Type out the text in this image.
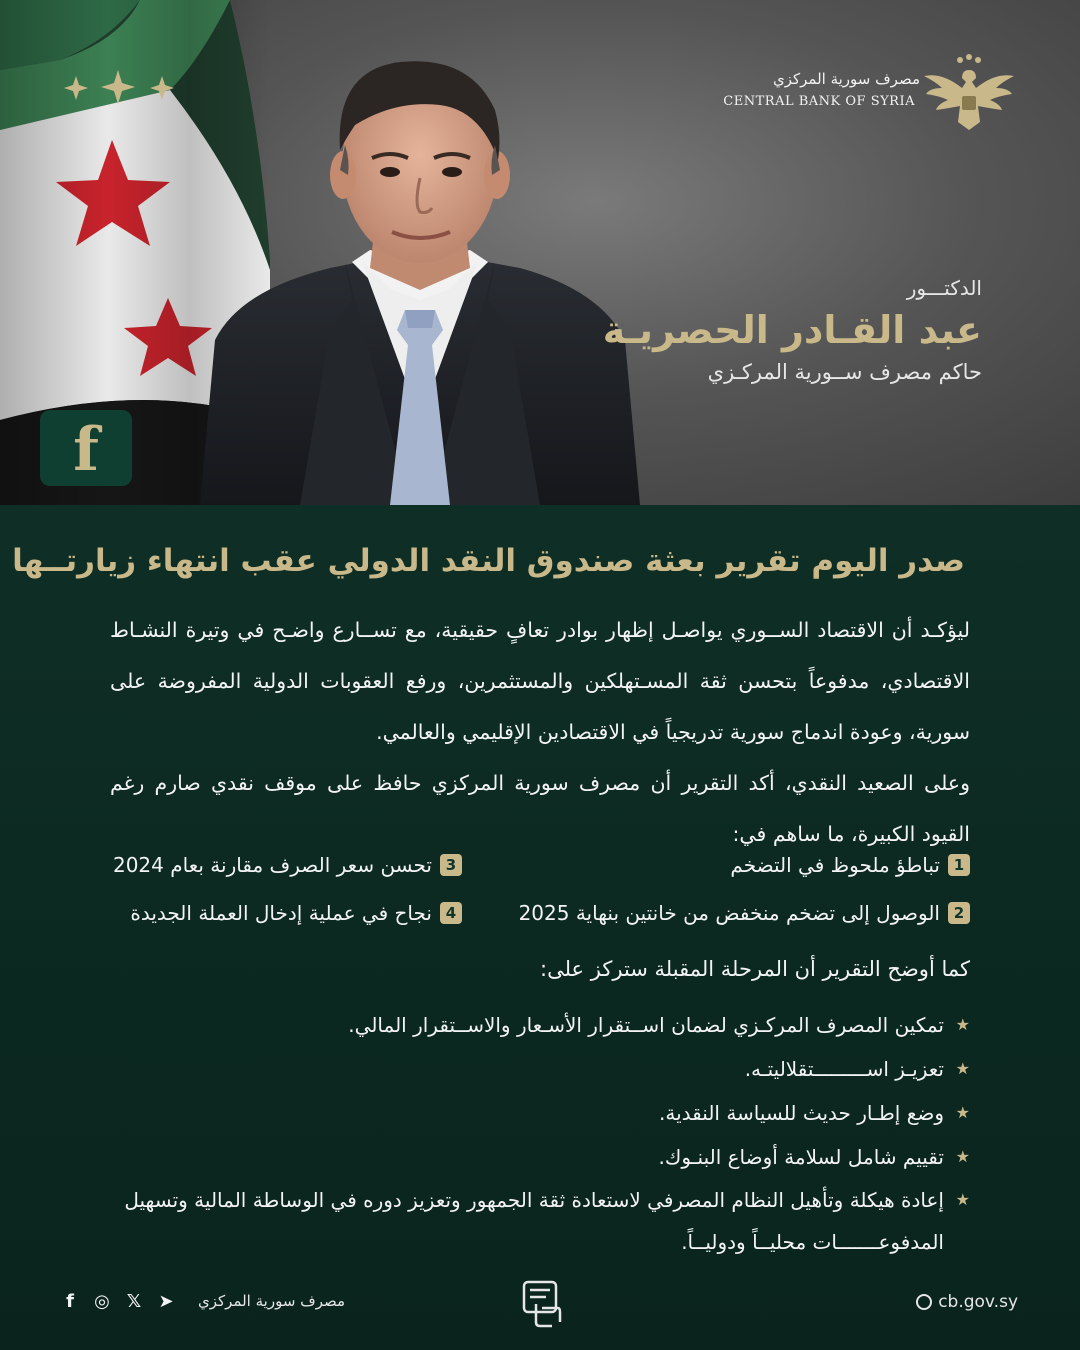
مصرف سورية المركزي
CENTRAL BANK OF SYRIA
f
الدكتـــور
عبد القـادر الحصريـة
حاكم مصرف ســورية المركـزي
صدر اليوم تقرير بعثة صندوق النقد الدولي عقب انتهاء زيارتــها
ليؤكـد أن الاقتصاد الســوري يواصـل إظهار بوادر تعافٍ حقيقية، مع تســارع واضـح في وتيرة النشـاط الاقتصادي، مدفوعاً بتحسن ثقة المسـتهلكين والمستثمرين، ورفع العقوبات الدولية المفروضة على سورية، وعودة اندماج سورية تدريجياً في الاقتصادين الإقليمي والعالمي.
وعلى الصعيد النقدي، أكد التقرير أن مصرف سورية المركزي حافظ على موقف نقدي صارم رغم القيود الكبيرة، ما ساهم في:
1تباطؤ ملحوظ في التضخم
2الوصول إلى تضخم منخفض من خانتين بنهاية 2025
3تحسن سعر الصرف مقارنة بعام 2024
4نجاح في عملية إدخال العملة الجديدة
كما أوضح التقرير أن المرحلة المقبلة ستركز على:
★
تمكين المصرف المركـزي لضمان اســتقرار الأسـعار والاســتقرار المالي.
★
تعزيـز اســـــــــتقلاليتـه.
★
وضع إطـار حديث للسياسة النقدية.
★
تقييم شامل لسلامة أوضاع البنـوك.
★
إعادة هيكلة وتأهيل النظام المصرفي لاستعادة ثقة الجمهور وتعزيز دوره في الوساطة المالية وتسهيل المدفوعـــــــات محليــاً ودوليــاً.
f	◎ 𝕏 ➤ مصرف سورية المركزي	cb.gov.sy
